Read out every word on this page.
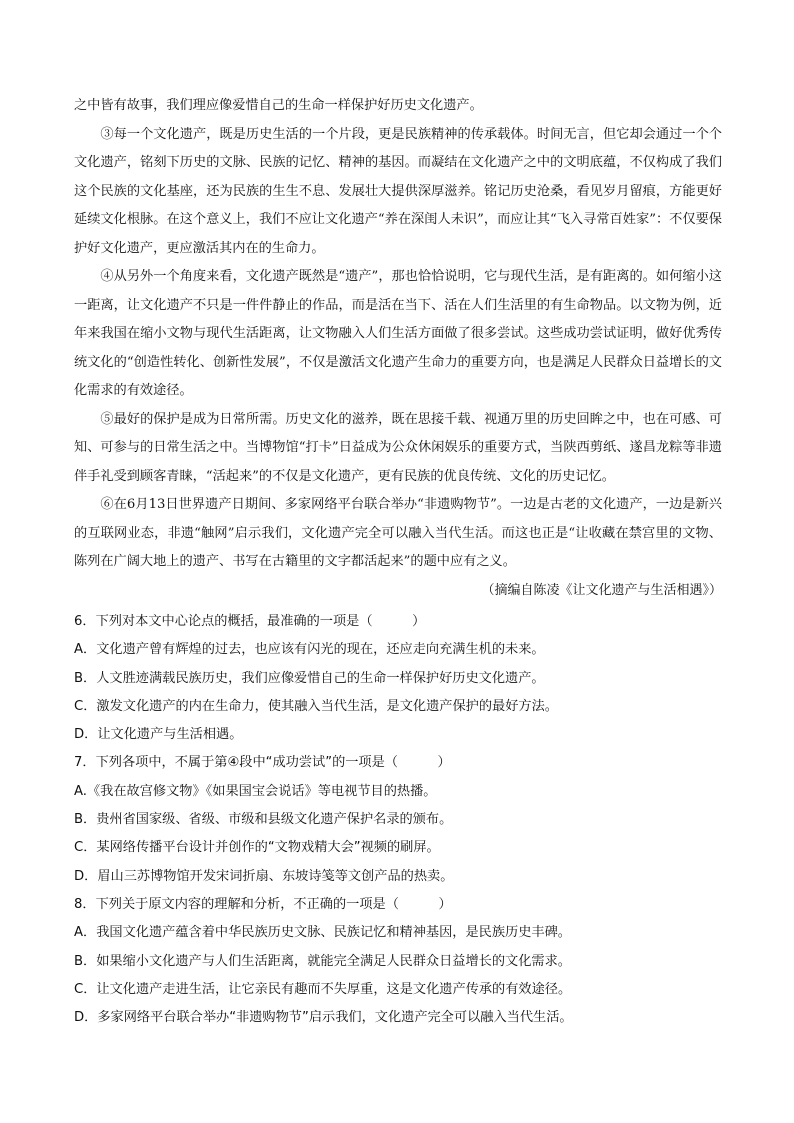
之中皆有故事，我们理应像爱惜自己的生命一样保护好历史文化遗产。

③每一个文化遗产，既是历史生活的一个片段，更是民族精神的传承载体。时间无言，但它却会通过一个个文化遗产，铭刻下历史的文脉、民族的记忆、精神的基因。而凝结在文化遗产之中的文明底蕴，不仅构成了我们这个民族的文化基座，还为民族的生生不息、发展壮大提供深厚滋养。铭记历史沧桑，看见岁月留痕，方能更好延续文化根脉。在这个意义上，我们不应让文化遗产“养在深闺人未识”，而应让其“飞入寻常百姓家”：不仅要保护好文化遗产，更应激活其内在的生命力。

④从另外一个角度来看，文化遗产既然是“遗产”，那也恰恰说明，它与现代生活，是有距离的。如何缩小这一距离，让文化遗产不只是一件件静止的作品，而是活在当下、活在人们生活里的有生命物品。以文物为例，近年来我国在缩小文物与现代生活距离，让文物融入人们生活方面做了很多尝试。这些成功尝试证明，做好优秀传统文化的“创造性转化、创新性发展”，不仅是激活文化遗产生命力的重要方向，也是满足人民群众日益增长的文化需求的有效途径。

⑤最好的保护是成为日常所需。历史文化的滋养，既在思接千载、视通万里的历史回眸之中，也在可感、可知、可参与的日常生活之中。当博物馆“打卡”日益成为公众休闲娱乐的重要方式，当陕西剪纸、遂昌龙粽等非遗伴手礼受到顾客青睐，“活起来”的不仅是文化遗产，更有民族的优良传统、文化的历史记忆。

⑥在6月13日世界遗产日期间、多家网络平台联合举办“非遗购物节”。一边是古老的文化遗产，一边是新兴的互联网业态，非遗“触网”启示我们，文化遗产完全可以融入当代生活。而这也正是“让收藏在禁宫里的文物、陈列在广阔大地上的遗产、书写在古籍里的文字都活起来”的题中应有之义。

（摘编自陈凌《让文化遗产与生活相遇》）

6．下列对本文中心论点的概括，最准确的一项是（　　　）

A．文化遗产曾有辉煌的过去，也应该有闪光的现在，还应走向充满生机的未来。

B．人文胜迹满载民族历史，我们应像爱惜自己的生命一样保护好历史文化遗产。

C．激发文化遗产的内在生命力，使其融入当代生活，是文化遗产保护的最好方法。

D．让文化遗产与生活相遇。

7．下列各项中，不属于第④段中“成功尝试”的一项是（　　　）

A.《我在故宫修文物》《如果国宝会说话》等电视节目的热播。

B．贵州省国家级、省级、市级和县级文化遗产保护名录的颁布。

C．某网络传播平台设计并创作的“文物戏精大会”视频的刷屏。

D．眉山三苏博物馆开发宋词折扇、东坡诗笺等文创产品的热卖。

8．下列关于原文内容的理解和分析，不正确的一项是（　　　）

A．我国文化遗产蕴含着中华民族历史文脉、民族记忆和精神基因，是民族历史丰碑。

B．如果缩小文化遗产与人们生活距离，就能完全满足人民群众日益增长的文化需求。

C．让文化遗产走进生活，让它亲民有趣而不失厚重，这是文化遗产传承的有效途径。

D．多家网络平台联合举办“非遗购物节”启示我们，文化遗产完全可以融入当代生活。
